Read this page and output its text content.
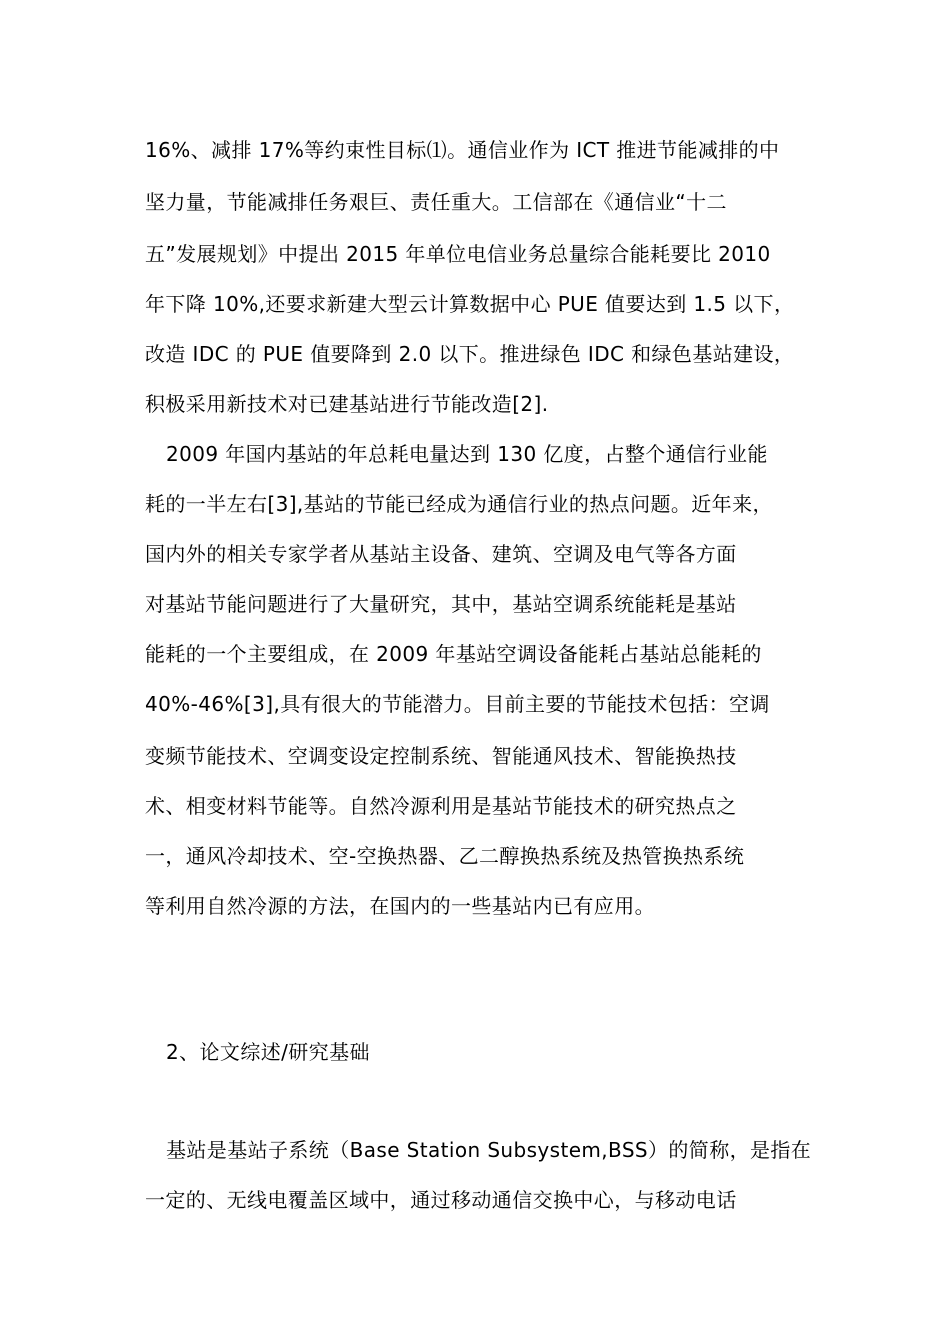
16%、减排 17%等约束性目标⑴。通信业作为 ICT 推进节能减排的中
坚力量，节能减排任务艰巨、责任重大。工信部在《通信业“十二
五”发展规划》中提出 2015 年单位电信业务总量综合能耗要比 2010
年下降 10%,还要求新建大型云计算数据中心 PUE 值要达到 1.5 以下，
改造 IDC 的 PUE 值要降到 2.0 以下。推进绿色 IDC 和绿色基站建设，
积极采用新技术对已建基站进行节能改造[2].
2009 年国内基站的年总耗电量达到 130 亿度，占整个通信行业能
耗的一半左右[3],基站的节能已经成为通信行业的热点问题。近年来，
国内外的相关专家学者从基站主设备、建筑、空调及电气等各方面
对基站节能问题进行了大量研究，其中，基站空调系统能耗是基站
能耗的一个主要组成，在 2009 年基站空调设备能耗占基站总能耗的
40%-46%[3],具有很大的节能潜力。目前主要的节能技术包括：空调
变频节能技术、空调变设定控制系统、智能通风技术、智能换热技
术、相变材料节能等。自然冷源利用是基站节能技术的研究热点之
一，通风冷却技术、空-空换热器、乙二醇换热系统及热管换热系统
等利用自然冷源的方法，在国内的一些基站内已有应用。
2、论文综述/研究基础
基站是基站子系统（Base Station Subsystem,BSS）的简称，是指在
一定的、无线电覆盖区域中，通过移动通信交换中心，与移动电话
